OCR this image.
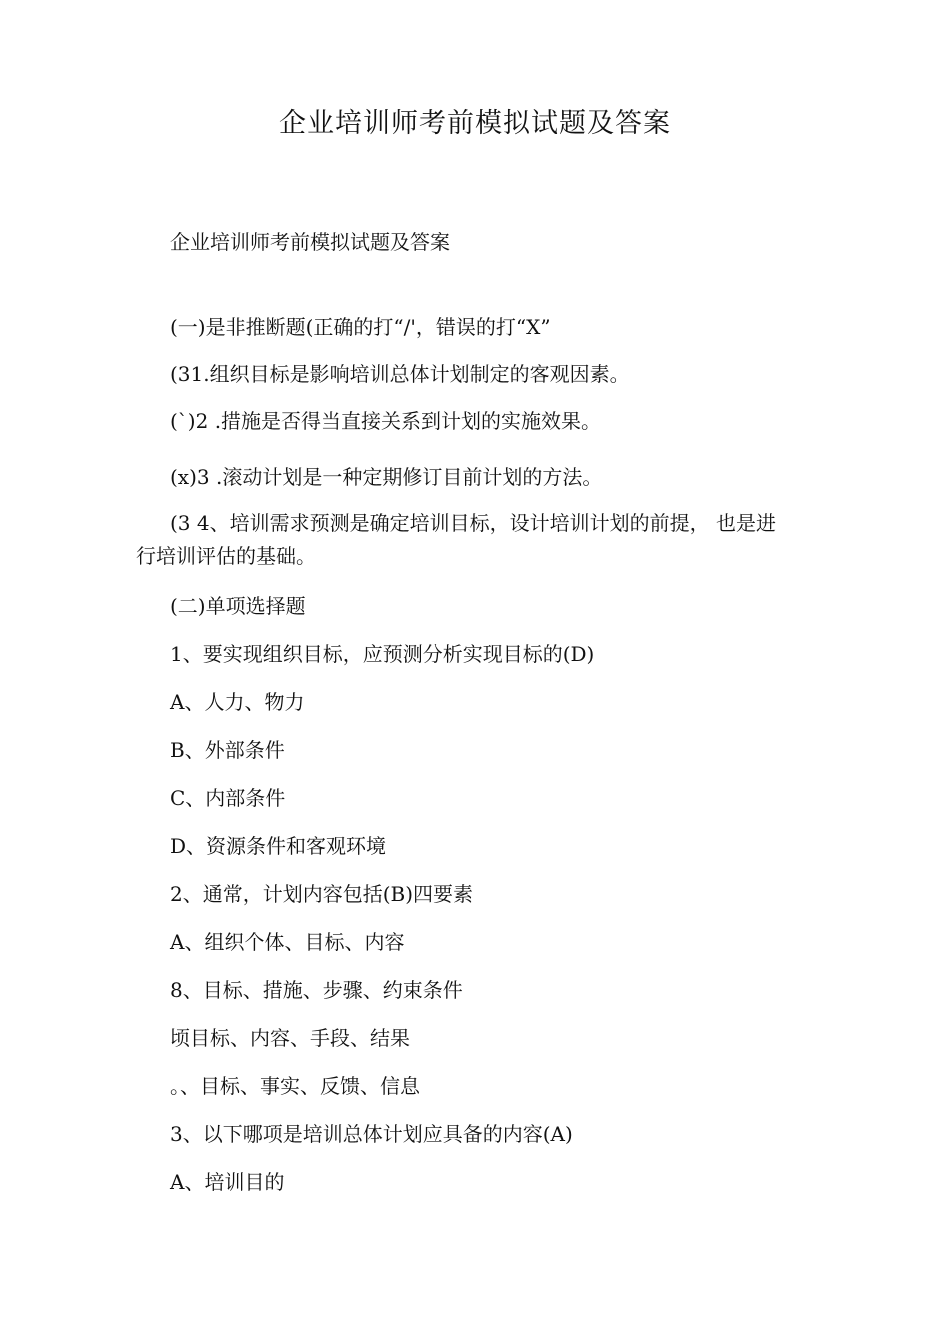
企业培训师考前模拟试题及答案
企业培训师考前模拟试题及答案
(一)是非推断题(正确的打“/'，错误的打“X”
(31.组织目标是影响培训总体计划制定的客观因素。
(`)2 .措施是否得当直接关系到计划的实施效果。
(x)3 .滚动计划是一种定期修订目前计划的方法。
(3 4、培训需求预测是确定培训目标，设计培训计划的前提， 也是进
行培训评估的基础。
(二)单项选择题
1、要实现组织目标，应预测分析实现目标的(D)
A、人力、物力
B、外部条件
C、内部条件
D、资源条件和客观环境
2、通常，计划内容包括(B)四要素
A、组织个体、目标、内容
8、目标、措施、步骤、约束条件
顷目标、内容、手段、结果
。、目标、事实、反馈、信息
3、以下哪项是培训总体计划应具备的内容(A)
A、培训目的
